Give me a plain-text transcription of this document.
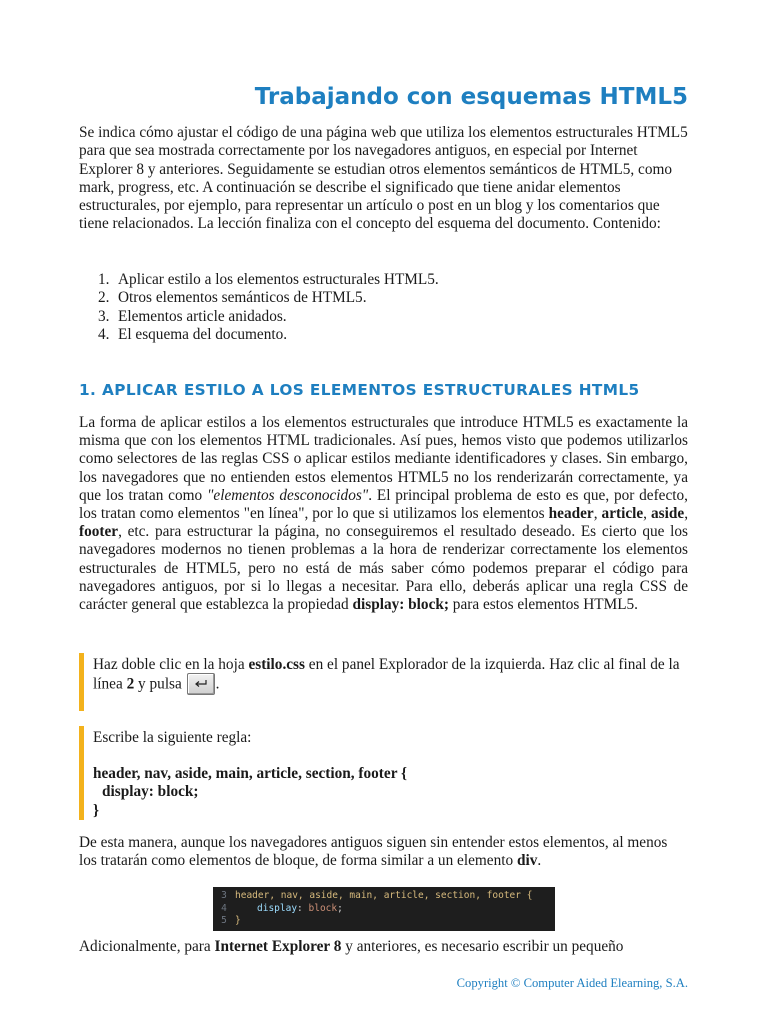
Trabajando con esquemas HTML5

Se indica cómo ajustar el código de una página web que utiliza los elementos estructurales HTML5 para que sea mostrada correctamente por los navegadores antiguos, en especial por Internet Explorer 8 y anteriores. Seguidamente se estudian otros elementos semánticos de HTML5, como mark, progress, etc. A continuación se describe el significado que tiene anidar elementos estructurales, por ejemplo, para representar un artículo o post en un blog y los comentarios que tiene relacionados. La lección finaliza con el concepto del esquema del documento. Contenido:

1. Aplicar estilo a los elementos estructurales HTML5.
2. Otros elementos semánticos de HTML5.
3. Elementos article anidados.
4. El esquema del documento.
1. APLICAR ESTILO A LOS ELEMENTOS ESTRUCTURALES HTML5

La forma de aplicar estilos a los elementos estructurales que introduce HTML5 es exactamente la misma que con los elementos HTML tradicionales. Así pues, hemos visto que podemos utilizarlos como selectores de las reglas CSS o aplicar estilos mediante identificadores y clases. Sin embargo, los navegadores que no entienden estos elementos HTML5 no los renderizarán correctamente, ya que los tratan como "elementos desconocidos". El principal problema de esto es que, por defecto, los tratan como elementos "en línea", por lo que si utilizamos los elementos header, article, aside, footer, etc. para estructurar la página, no conseguiremos el resultado deseado. Es cierto que los navegadores modernos no tienen problemas a la hora de renderizar correctamente los elementos estructurales de HTML5, pero no está de más saber cómo podemos preparar el código para navegadores antiguos, por si lo llegas a necesitar. Para ello, deberás aplicar una regla CSS de carácter general que establezca la propiedad display: block; para estos elementos HTML5.

Haz doble clic en la hoja estilo.css en el panel Explorador de la izquierda. Haz clic al final de la línea 2 y pulsa
.
Escribe la siguiente regla:
header, nav, aside, main, article, section, footer {
display: block;
}

De esta manera, aunque los navegadores antiguos siguen sin entender estos elementos, al menos los tratarán como elementos de bloque, de forma similar a un elemento div.

3 header, nav, aside, main, article, section, footer {
4	display: block;
5 }

Adicionalmente, para Internet Explorer 8 y anteriores, es necesario escribir un pequeño

Copyright © Computer Aided Elearning, S.A.
